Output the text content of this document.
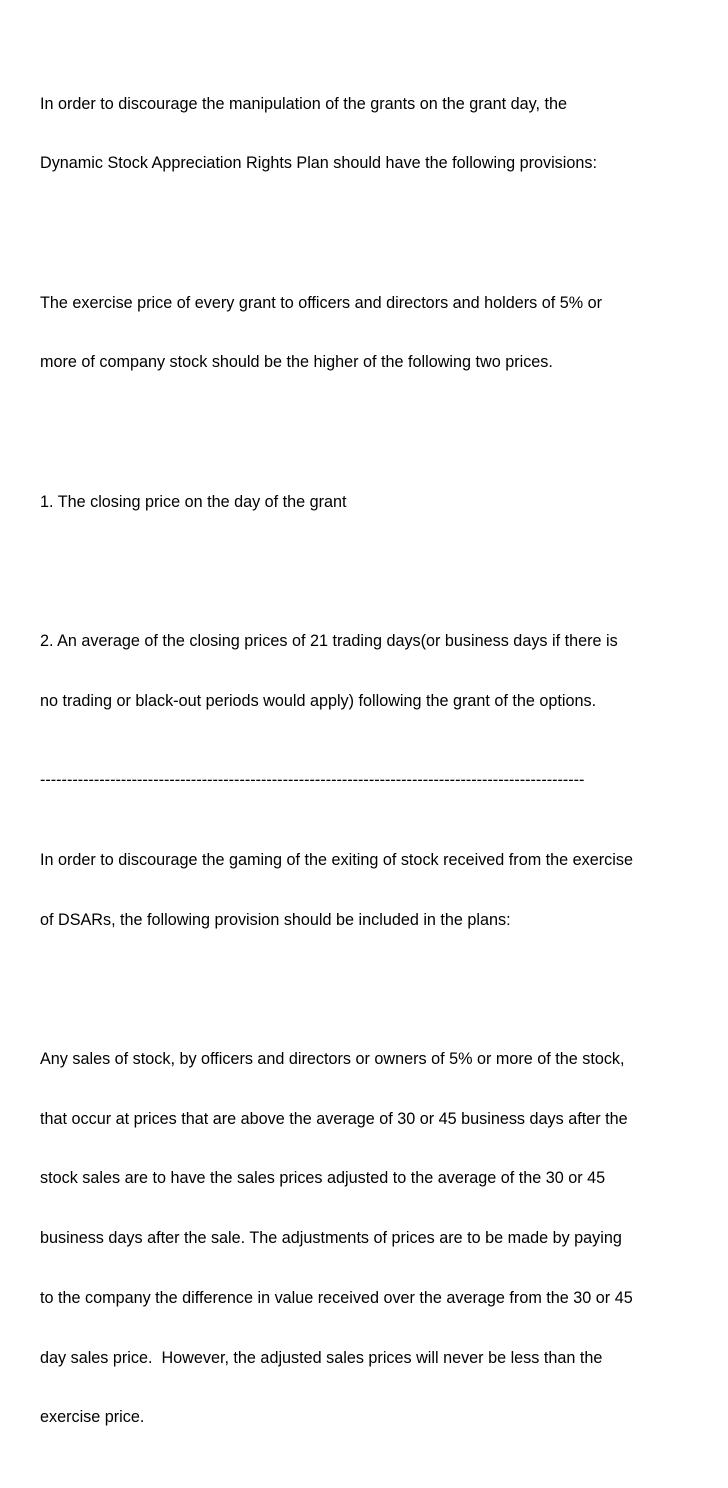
In order to discourage the manipulation of the grants on the grant day, the

Dynamic Stock Appreciation Rights Plan should have the following provisions:

The exercise price of every grant to officers and directors and holders of 5% or

more of company stock should be the higher of the following two prices.

1. The closing price on the day of the grant

2. An average of the closing prices of 21 trading days(or business days if there is

no trading or black-out periods would apply) following the grant of the options.

-----------------------------------------------------------------------------------------------------

In order to discourage the gaming of the exiting of stock received from the exercise

of DSARs, the following provision should be included in the plans:

Any sales of stock, by officers and directors or owners of 5% or more of the stock,

that occur at prices that are above the average of 30 or 45 business days after the

stock sales are to have the sales prices adjusted to the average of the 30 or 45

business days after the sale. The adjustments of prices are to be made by paying

to the company the difference in value received over the average from the 30 or 45

day sales price.  However, the adjusted sales prices will never be less than the

exercise price.
